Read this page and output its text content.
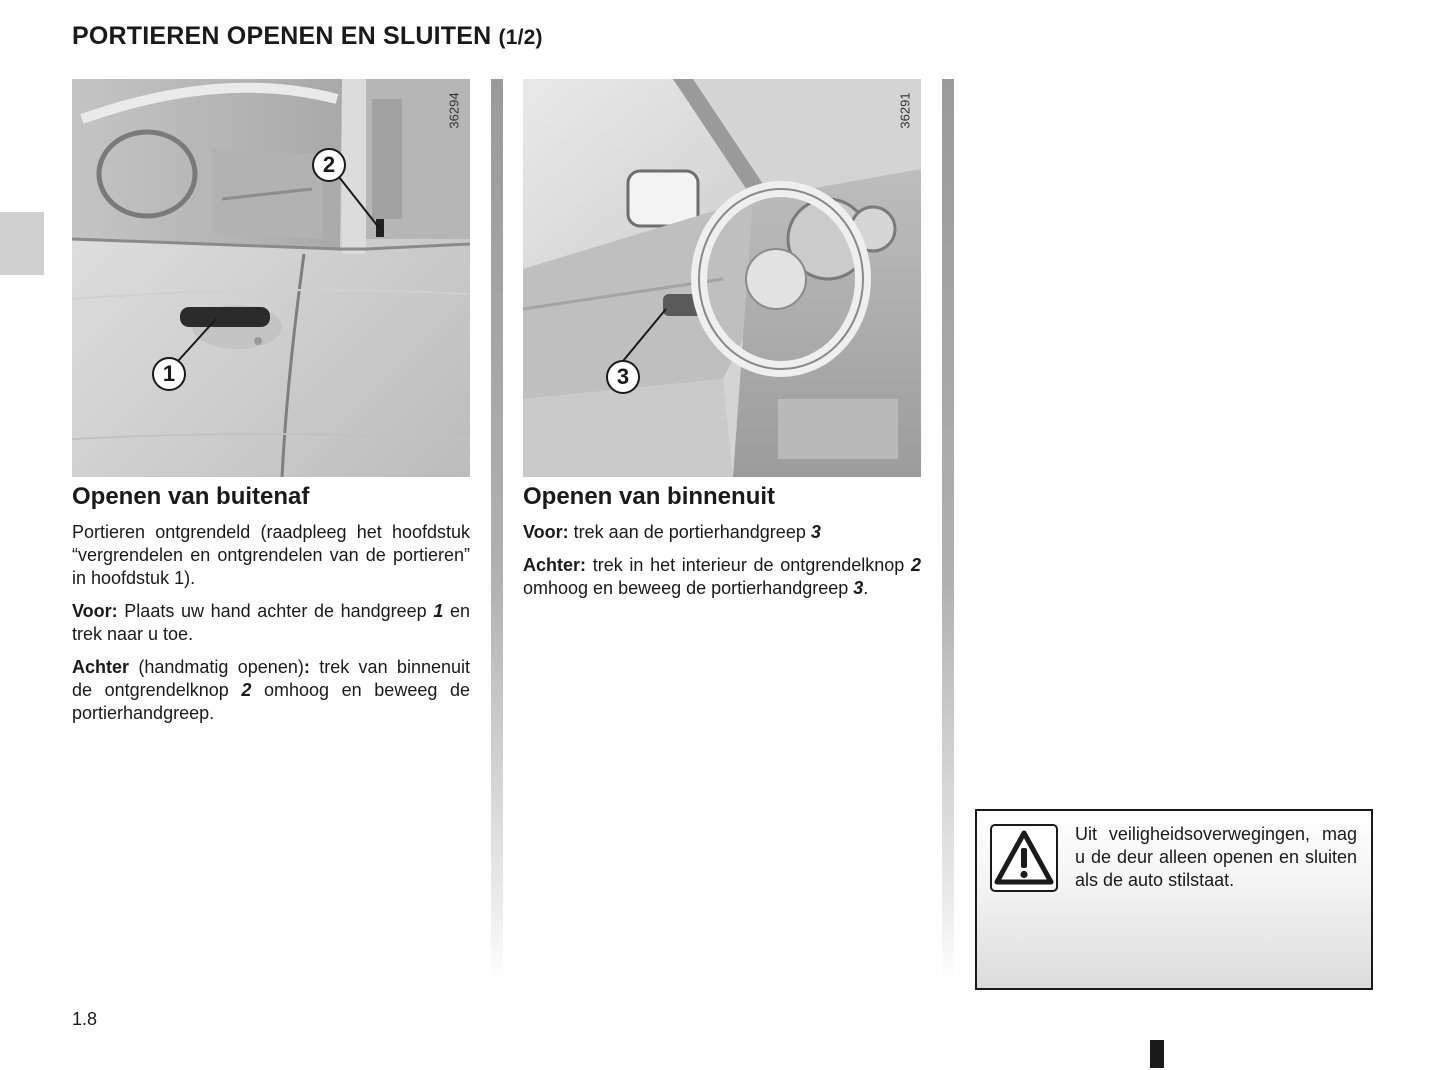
PORTIEREN OPENEN EN SLUITEN (1/2)
36294
1
2
Openen van buitenaf

Portieren ontgrendeld (raadpleeg het hoofdstuk “vergrendelen en ontgrendelen van de portieren” in hoofdstuk 1).

Voor: Plaats uw hand achter de handgreep 1 en trek naar u toe.

Achter (handmatig openen): trek van binnenuit de ontgrendelknop 2 omhoog en beweeg de portierhandgreep.

36291
3
Openen van binnenuit

Voor: trek aan de portierhandgreep 3

Achter: trek in het interieur de ontgrendelknop 2 omhoog en beweeg de portierhandgreep 3.

Uit veiligheidsoverwegingen, mag u de deur alleen openen en sluiten als de auto stilstaat.
1.8
